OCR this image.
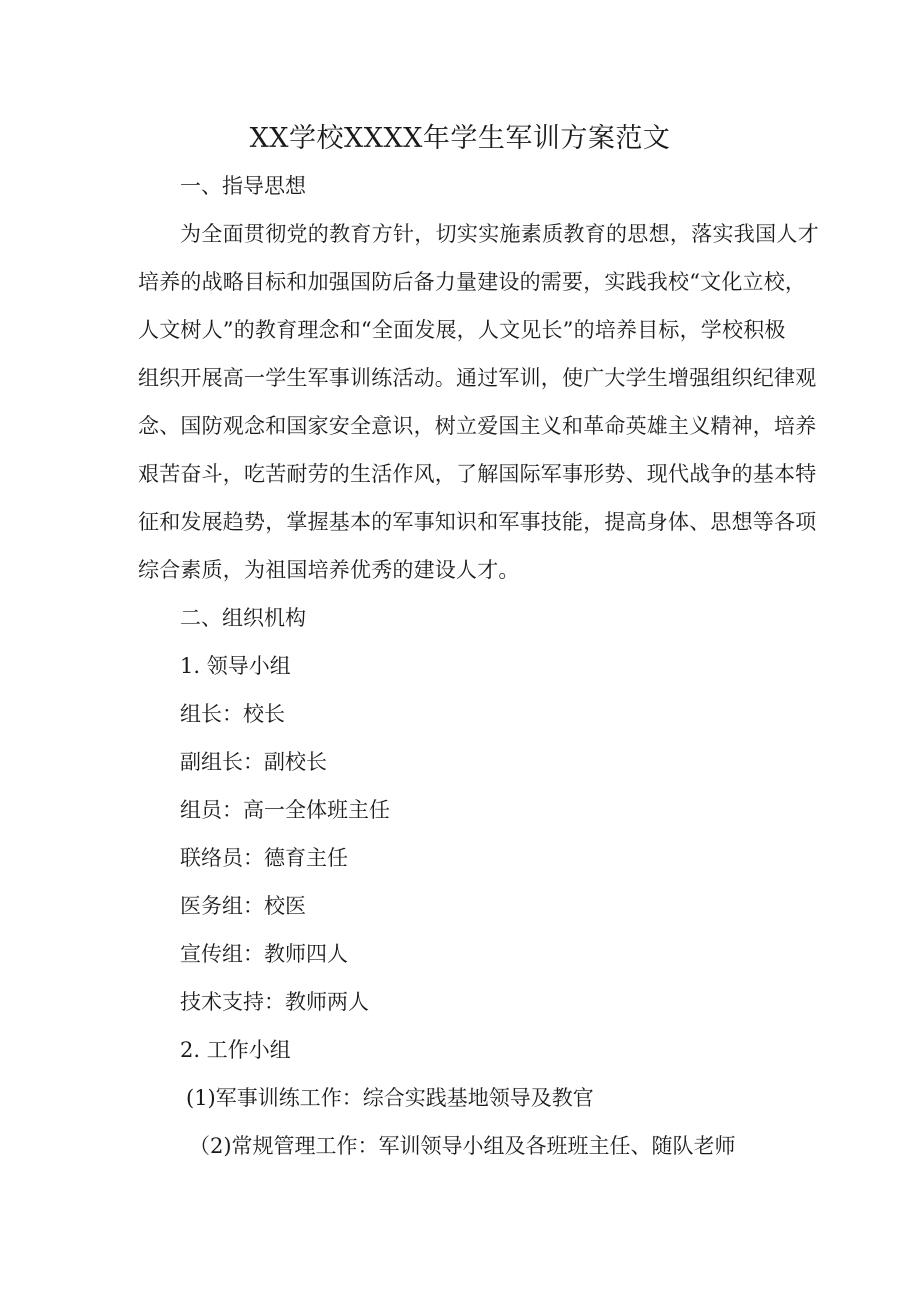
XX学校XXXX年学生军训方案范文
一、指导思想
为全面贯彻党的教育方针，切实实施素质教育的思想，落实我国人才
培养的战略目标和加强国防后备力量建设的需要，实践我校“文化立校，
人文树人”的教育理念和“全面发展，人文见长”的培养目标，学校积极
组织开展高一学生军事训练活动。通过军训，使广大学生增强组织纪律观
念、国防观念和国家安全意识，树立爱国主义和革命英雄主义精神，培养
艰苦奋斗，吃苦耐劳的生活作风，了解国际军事形势、现代战争的基本特
征和发展趋势，掌握基本的军事知识和军事技能，提高身体、思想等各项
综合素质，为祖国培养优秀的建设人才。
二、组织机构
1. 领导小组
组长：校长
副组长：副校长
组员：高一全体班主任
联络员：德育主任
医务组：校医
宣传组：教师四人
技术支持：教师两人
2. 工作小组
(1)军事训练工作：综合实践基地领导及教官
（2)常规管理工作：军训领导小组及各班班主任、随队老师
